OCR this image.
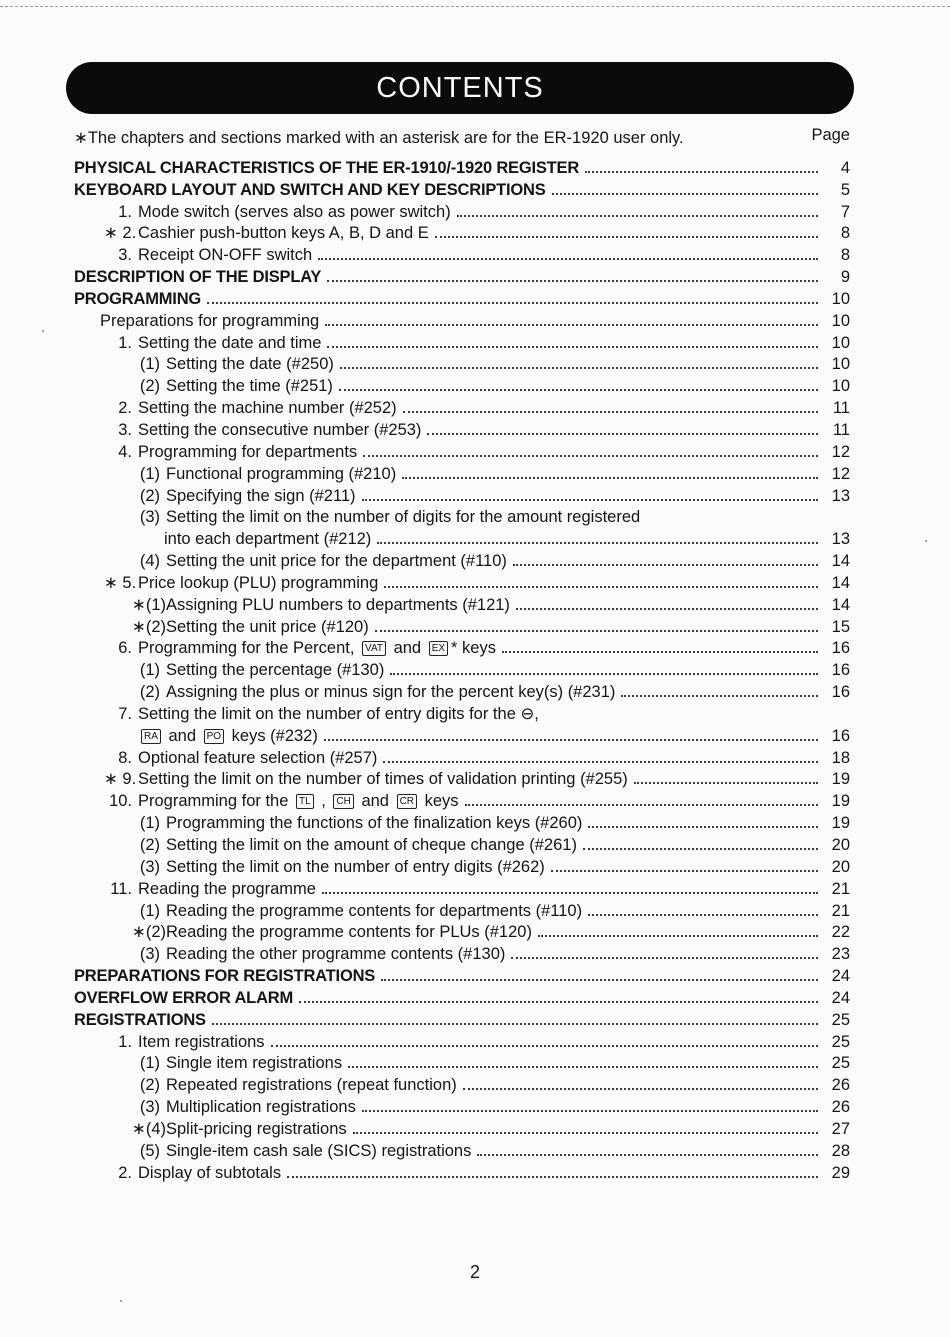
CONTENTS
∗The chapters and sections marked with an asterisk are for the ER-1920 user only.	Page
PHYSICAL CHARACTERISTICS OF THE ER-1910/-1920 REGISTER	4
KEYBOARD LAYOUT AND SWITCH AND KEY DESCRIPTIONS	5
1. Mode switch (serves also as power switch)	7
∗ 2. Cashier push-button keys A, B, D and E	8
3. Receipt ON-OFF switch	8
DESCRIPTION OF THE DISPLAY	9
PROGRAMMING	10
Preparations for programming	10
1. Setting the date and time	10
(1) Setting the date (#250)	10
(2) Setting the time (#251)	10
2. Setting the machine number (#252)	11
3. Setting the consecutive number (#253)	11
4. Programming for departments	12
(1) Functional programming (#210)	12
(2) Specifying the sign (#211)	13
(3) Setting the limit on the number of digits for the amount registered
into each department (#212)	13
(4) Setting the unit price for the department (#110)	14
∗ 5. Price lookup (PLU) programming	14
∗(1) Assigning PLU numbers to departments (#121)	14
∗(2) Setting the unit price (#120)	15
6. Programming for the Percent, VAT and EX * keys	16
(1) Setting the percentage (#130)	16
(2) Assigning the plus or minus sign for the percent key(s) (#231)	16
7. Setting the limit on the number of entry digits for the ⊖,
RA and PO keys (#232)	16
8. Optional feature selection (#257)	18
∗ 9. Setting the limit on the number of times of validation printing (#255)	19
10. Programming for the TL , CH and CR keys	19
(1) Programming the functions of the finalization keys (#260)	19
(2) Setting the limit on the amount of cheque change (#261)	20
(3) Setting the limit on the number of entry digits (#262)	20
11. Reading the programme	21
(1) Reading the programme contents for departments (#110)	21
∗(2) Reading the programme contents for PLUs (#120)	22
(3) Reading the other programme contents (#130)	23
PREPARATIONS FOR REGISTRATIONS	24
OVERFLOW ERROR ALARM	24
REGISTRATIONS	25
1. Item registrations	25
(1) Single item registrations	25
(2) Repeated registrations (repeat function)	26
(3) Multiplication registrations	26
∗(4) Split-pricing registrations	27
(5) Single-item cash sale (SICS) registrations	28
2. Display of subtotals	29
2
